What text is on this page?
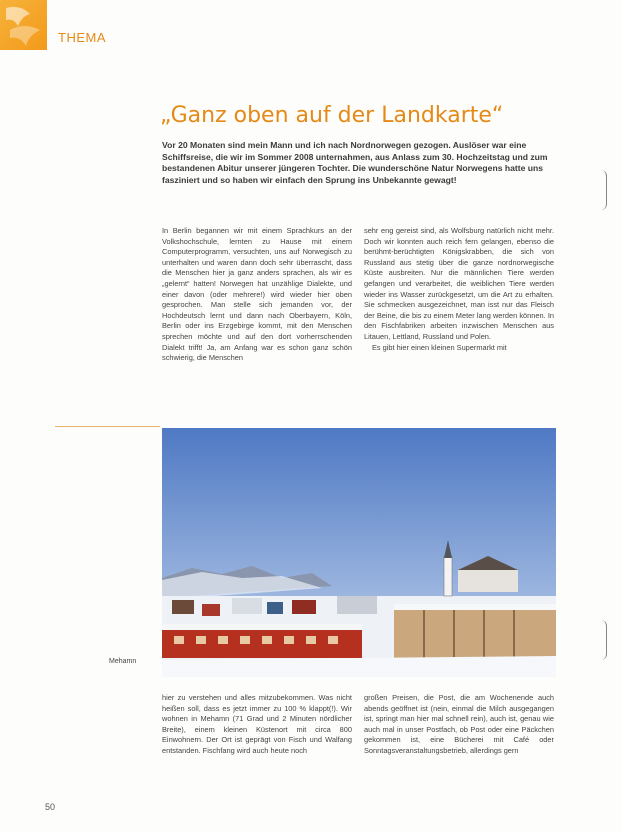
THEMA
„Ganz oben auf der Landkarte“

Vor 20 Monaten sind mein Mann und ich nach Nordnorwegen gezogen. Auslöser war eine Schiffsreise, die wir im Sommer 2008 unternahmen, aus Anlass zum 30. Hochzeitstag und zum bestandenen Abitur unserer jüngeren Tochter. Die wunderschöne Natur Norwegens hatte uns fasziniert und so haben wir einfach den Sprung ins Unbekannte gewagt!

In Berlin begannen wir mit einem Sprachkurs an der Volkshochschule, lernten zu Hause mit einem Computerprogramm, versuchten, uns auf Norwegisch zu unterhalten und waren dann doch sehr überrascht, dass die Menschen hier ja ganz anders sprachen, als wir es „gelernt“ hatten! Norwegen hat unzählige Dialekte, und einer davon (oder mehrere!) wird wieder hier oben gesprochen. Man stelle sich jemanden vor, der Hochdeutsch lernt und dann nach Oberbayern, Köln, Berlin oder ins Erzgebirge kommt, mit den Menschen sprechen möchte und auf den dort vorherrschenden Dialekt trifft! Ja, am Anfang war es schon ganz schön schwierig, die Menschen

sehr eng gereist sind, als Wolfsburg natürlich nicht mehr. Doch wir konnten auch reich fern gelangen, ebenso die berühmt-berüchtigten Königskrabben, die sich von Russland aus stetig über die ganze nordnorwegische Küste ausbreiten. Nur die männlichen Tiere werden gefangen und verarbeitet, die weiblichen Tiere werden wieder ins Wasser zurückgesetzt, um die Art zu erhalten. Sie schmecken ausgezeichnet, man isst nur das Fleisch der Beine, die bis zu einem Meter lang werden können. In den Fischfabriken arbeiten inzwischen Menschen aus Litauen, Lettland, Russland und Polen.

Es gibt hier einen kleinen Supermarkt mit

Mehamn

hier zu verstehen und alles mitzubekommen. Was nicht heißen soll, dass es jetzt immer zu 100 % klappt(!). Wir wohnen in Mehamn (71 Grad und 2 Minuten nördlicher Breite), einem kleinen Küstenort mit circa 800 Einwohnern. Der Ort ist geprägt von Fisch und Walfang entstanden. Fischfang wird auch heute noch

großen Preisen, die Post, die am Wochenende auch abends geöffnet ist (nein, einmal die Milch ausgegangen ist, springt man hier mal schnell rein), auch ist, genau wie auch mal in unser Postfach, ob Post oder eine Päckchen gekommen ist, eine Bücherei mit Café oder Sonntagsveranstaltungsbetrieb, allerdings gern

50
